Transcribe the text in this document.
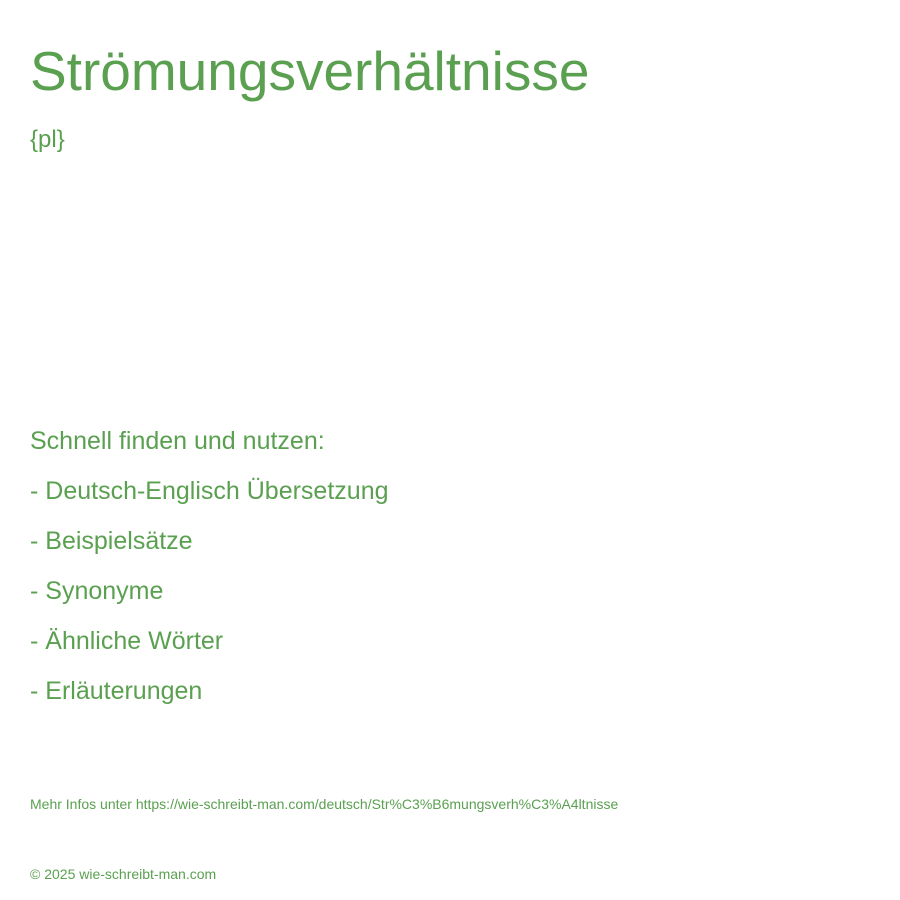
Strömungsverhältnisse
{pl}
Schnell finden und nutzen:
- Deutsch-Englisch Übersetzung
- Beispielsätze
- Synonyme
- Ähnliche Wörter
- Erläuterungen
Mehr Infos unter https://wie-schreibt-man.com/deutsch/Str%C3%B6mungsverh%C3%A4ltnisse
© 2025 wie-schreibt-man.com
